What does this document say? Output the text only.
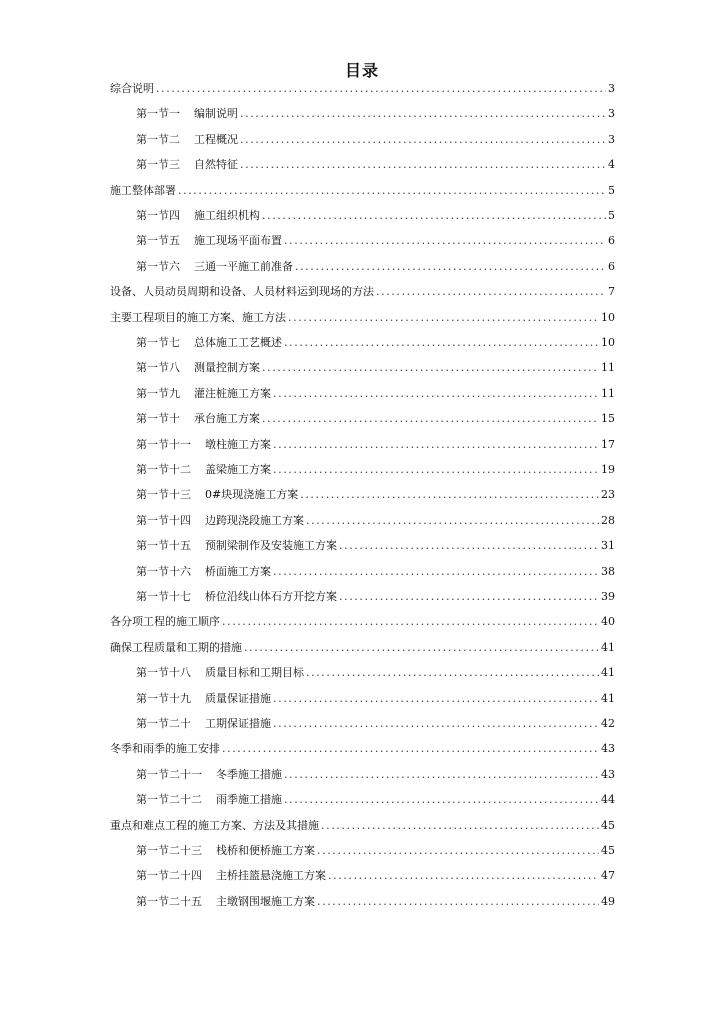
目录
综合说明 .....	3
第一节一 编制说明 .....	3
第一节二 工程概况 .....	3
第一节三 自然特征 .....	4
施工整体部署 .....	5
第一节四 施工组织机构 .....	5
第一节五 施工现场平面布置 .....	6
第一节六 三通一平施工前准备 .....	6
设备、人员动员周期和设备、人员材料运到现场的方法 .....	7
主要工程项目的施工方案、施工方法 .....	10
第一节七 总体施工工艺概述 .....	10
第一节八 测量控制方案 .....	11
第一节九 灌注桩施工方案 .....	11
第一节十 承台施工方案 .....	15
第一节十一 墩柱施工方案 .....	17
第一节十二 盖梁施工方案 .....	19
第一节十三 0#块现浇施工方案 .....	23
第一节十四 边跨现浇段施工方案 .....	28
第一节十五 预制梁制作及安装施工方案 .....	31
第一节十六 桥面施工方案 .....	38
第一节十七 桥位沿线山体石方开挖方案 .....	39
各分项工程的施工顺序 .....	40
确保工程质量和工期的措施 .....	41
第一节十八 质量目标和工期目标 .....	41
第一节十九 质量保证措施 .....	41
第一节二十 工期保证措施 .....	42
冬季和雨季的施工安排 .....	43
第一节二十一 冬季施工措施 .....	43
第一节二十二 雨季施工措施 .....	44
重点和难点工程的施工方案、方法及其措施 .....	45
第一节二十三 栈桥和便桥施工方案 .....	45
第一节二十四 主桥挂篮悬浇施工方案 .....	47
第一节二十五 主墩钢围堰施工方案 .....	49
